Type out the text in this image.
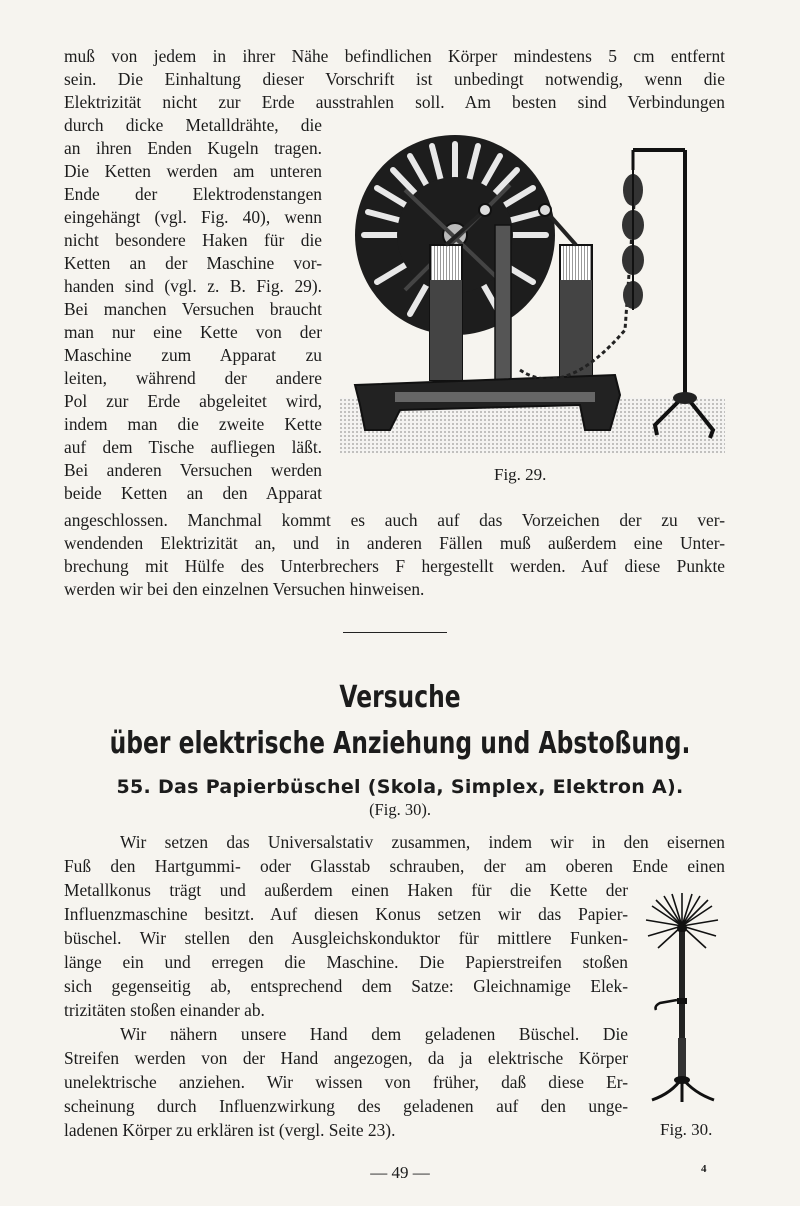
muß von jedem in ihrer Nähe befindlichen Körper mindestens 5 cm entfernt
sein. Die Einhaltung dieser Vorschrift ist unbedingt notwendig, wenn die
Elektrizität nicht zur Erde ausstrahlen soll. Am besten sind Verbindungen
durch dicke Metalldrähte, die
an ihren Enden Kugeln tragen.
Die Ketten werden am unteren
Ende der Elektrodenstangen
eingehängt (vgl. Fig. 40), wenn
nicht besondere Haken für die
Ketten an der Maschine vor-
handen sind (vgl. z. B. Fig. 29).
Bei manchen Versuchen braucht
man nur eine Kette von der
Maschine zum Apparat zu
leiten, während der andere
Pol zur Erde abgeleitet wird,
indem man die zweite Kette
auf dem Tische aufliegen läßt.
Bei anderen Versuchen werden
beide Ketten an den Apparat
Fig. 29.
angeschlossen. Manchmal kommt es auch auf das Vorzeichen der zu ver-
wendenden Elektrizität an, und in anderen Fällen muß außerdem eine Unter-
brechung mit Hülfe des Unterbrechers F hergestellt werden. Auf diese Punkte
werden wir bei den einzelnen Versuchen hinweisen.
Versuche
über elektrische Anziehung und Abstoßung.
55. Das Papierbüschel (Skola, Simplex, Elektron A).
(Fig. 30).
Wir setzen das Universalstativ zusammen, indem wir in den eisernen
Fuß den Hartgummi- oder Glasstab schrauben, der am oberen Ende einen
Metallkonus trägt und außerdem einen Haken für die Kette der
Influenzmaschine besitzt. Auf diesen Konus setzen wir das Papier-
büschel. Wir stellen den Ausgleichskonduktor für mittlere Funken-
länge ein und erregen die Maschine. Die Papierstreifen stoßen
sich gegenseitig ab, entsprechend dem Satze: Gleichnamige Elek-
trizitäten stoßen einander ab.
Wir nähern unsere Hand dem geladenen Büschel. Die
Streifen werden von der Hand angezogen, da ja elektrische Körper
unelektrische anziehen. Wir wissen von früher, daß diese Er-
scheinung durch Influenzwirkung des geladenen auf den unge-
ladenen Körper zu erklären ist (vergl. Seite 23).	Fig. 30.
— 49 —	4
